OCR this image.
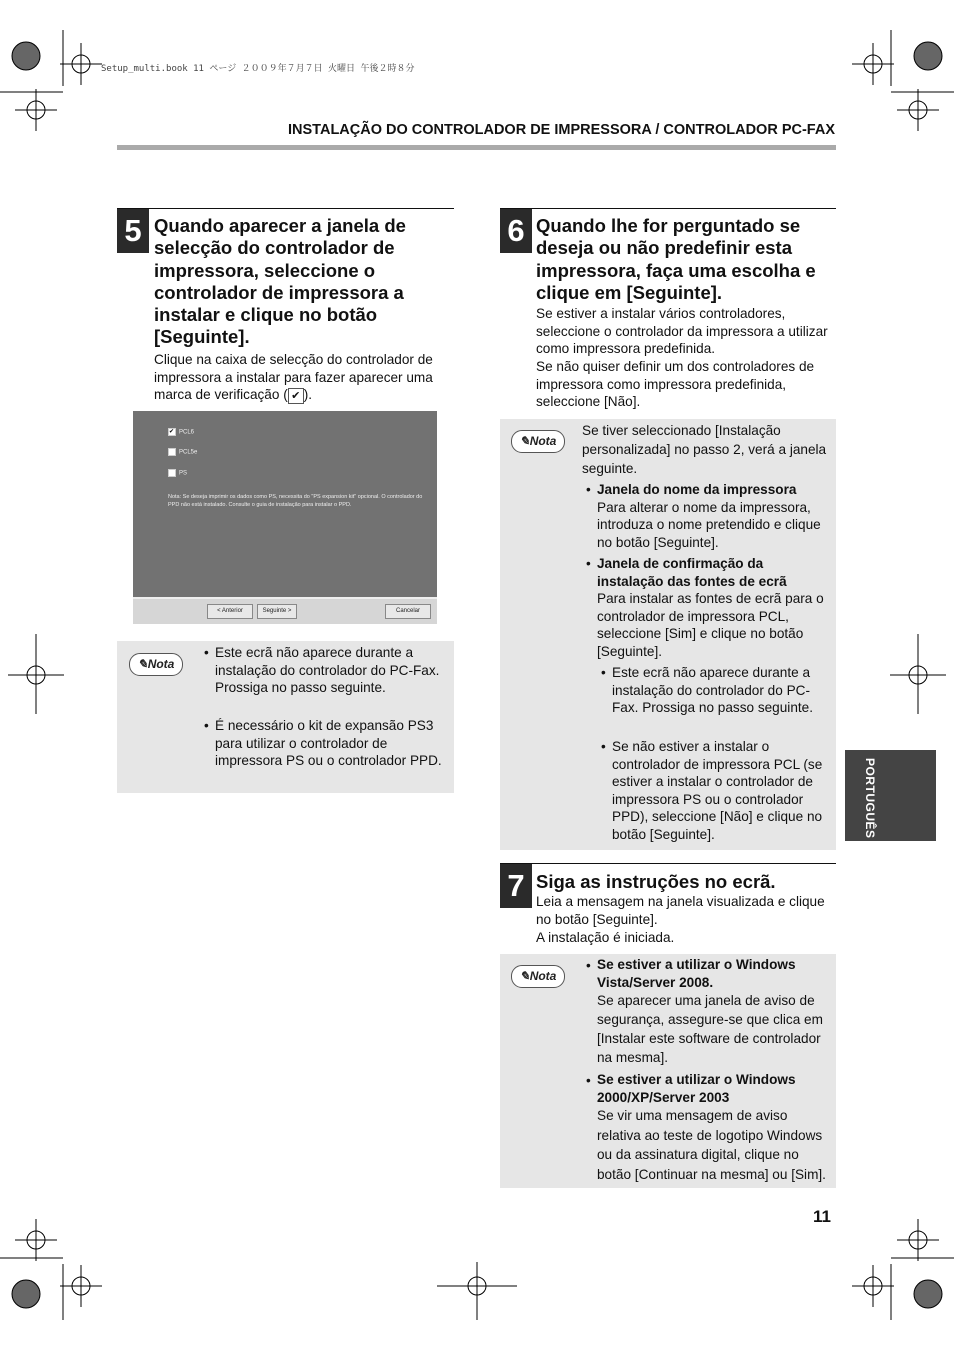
Setup_multi.book 11 ページ ２００９年７月７日 火曜日 午後２時８分
INSTALAÇÃO DO CONTROLADOR DE IMPRESSORA / CONTROLADOR PC-FAX
5 Quando aparecer a janela de selecção do controlador de impressora, seleccione o controlador de impressora a instalar e clique no botão [Seguinte].
Clique na caixa de selecção do controlador de impressora a instalar para fazer aparecer uma marca de verificação ( ✔ ).
✔ PCL6
PCL5e
PS
Nota: Se deseja imprimir os dados como PS, necessita do "PS expansion kit" opcional. O controlador do PPD não está instalado. Consulte o guia de instalação para instalar o PPD.
< Anterior	Seguinte >	Cancelar
✎Nota
• Este ecrã não aparece durante a instalação do controlador do PC-Fax. Prossiga no passo seguinte.
• É necessário o kit de expansão PS3 para utilizar o controlador de impressora PS ou o controlador PPD.
6 Quando lhe for perguntado se deseja ou não predefinir esta impressora, faça uma escolha e clique em [Seguinte].
Se estiver a instalar vários controladores, seleccione o controlador da impressora a utilizar como impressora predefinida.
Se não quiser definir um dos controladores de impressora como impressora predefinida, seleccione [Não].
✎Nota
Se tiver seleccionado [Instalação personalizada] no passo 2, verá a janela seguinte.
• Janela do nome da impressora
Para alterar o nome da impressora, introduza o nome pretendido e clique no botão [Seguinte].
• Janela de confirmação da instalação das fontes de ecrã
Para instalar as fontes de ecrã para o controlador de impressora PCL, seleccione [Sim] e clique no botão [Seguinte].
• Este ecrã não aparece durante a instalação do controlador do PC-Fax. Prossiga no passo seguinte.
• Se não estiver a instalar o controlador de impressora PCL (se estiver a instalar o controlador de impressora PS ou o controlador PPD), seleccione [Não] e clique no botão [Seguinte].
7 Siga as instruções no ecrã.
Leia a mensagem na janela visualizada e clique no botão [Seguinte].
A instalação é iniciada.
✎Nota
• Se estiver a utilizar o Windows Vista/Server 2008.
Se aparecer uma janela de aviso de segurança, assegure-se que clica em [Instalar este software de controlador na mesma].
• Se estiver a utilizar o Windows 2000/XP/Server 2003
Se vir uma mensagem de aviso relativa ao teste de logotipo Windows ou da assinatura digital, clique no botão [Continuar na mesma] ou [Sim].
PORTUGUÊS
11
